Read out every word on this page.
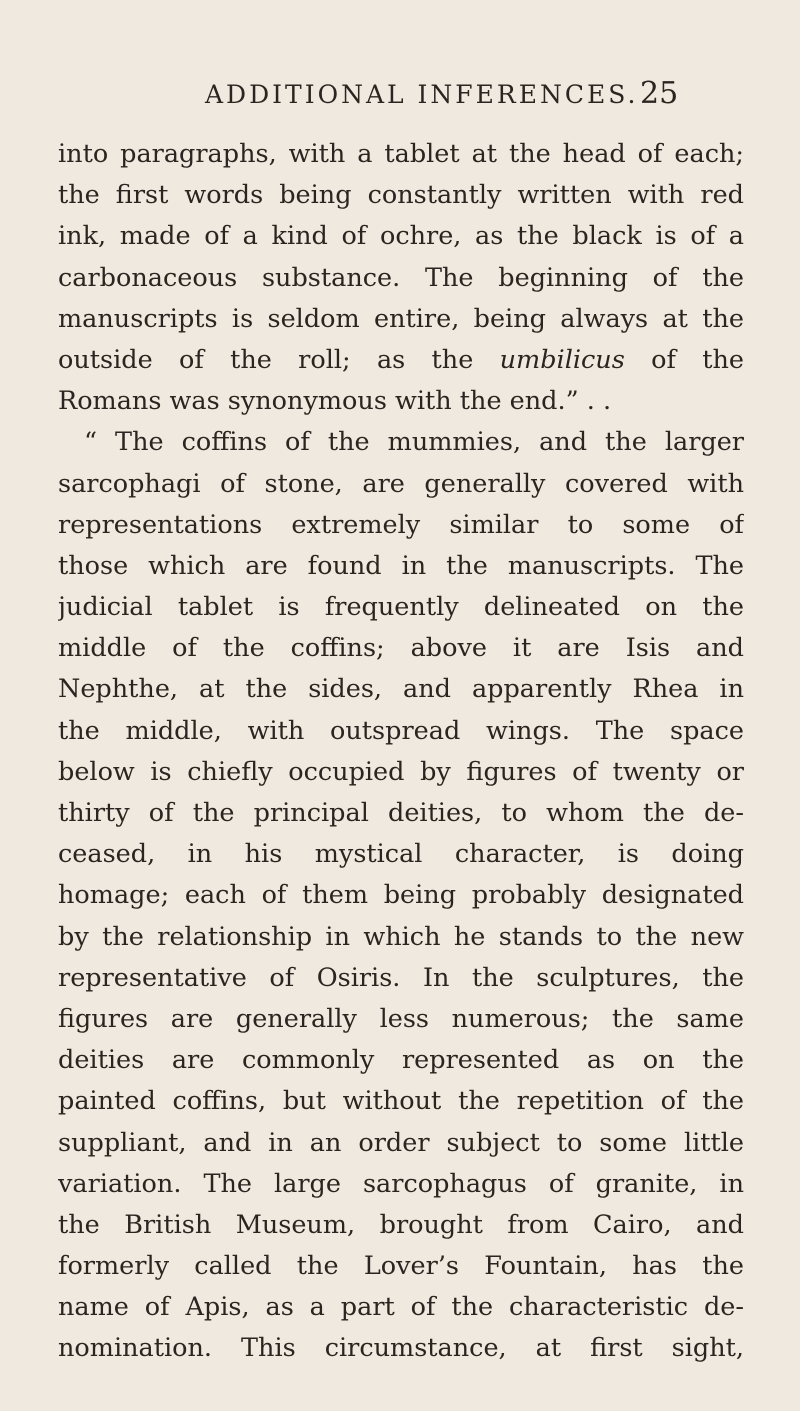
ADDITIONAL INFERENCES. 25
into paragraphs, with a tablet at the head of each;
the first words being constantly written with red
ink, made of a kind of ochre, as the black is of a
carbonaceous substance. The beginning of the
manuscripts is seldom entire, being always at the
outside of the roll; as the umbilicus of the
Romans was synonymous with the end.” . .
“ The coffins of the mummies, and the larger
sarcophagi of stone, are generally covered with
representations extremely similar to some of
those which are found in the manuscripts. The
judicial tablet is frequently delineated on the
middle of the coffins; above it are Isis and
Nephthe, at the sides, and apparently Rhea in
the middle, with outspread wings. The space
below is chiefly occupied by figures of twenty or
thirty of the principal deities, to whom the de-
ceased, in his mystical character, is doing
homage; each of them being probably designated
by the relationship in which he stands to the new
representative of Osiris. In the sculptures, the
figures are generally less numerous; the same
deities are commonly represented as on the
painted coffins, but without the repetition of the
suppliant, and in an order subject to some little
variation. The large sarcophagus of granite, in
the British Museum, brought from Cairo, and
formerly called the Lover’s Fountain, has the
name of Apis, as a part of the characteristic de-
nomination. This circumstance, at first sight,
